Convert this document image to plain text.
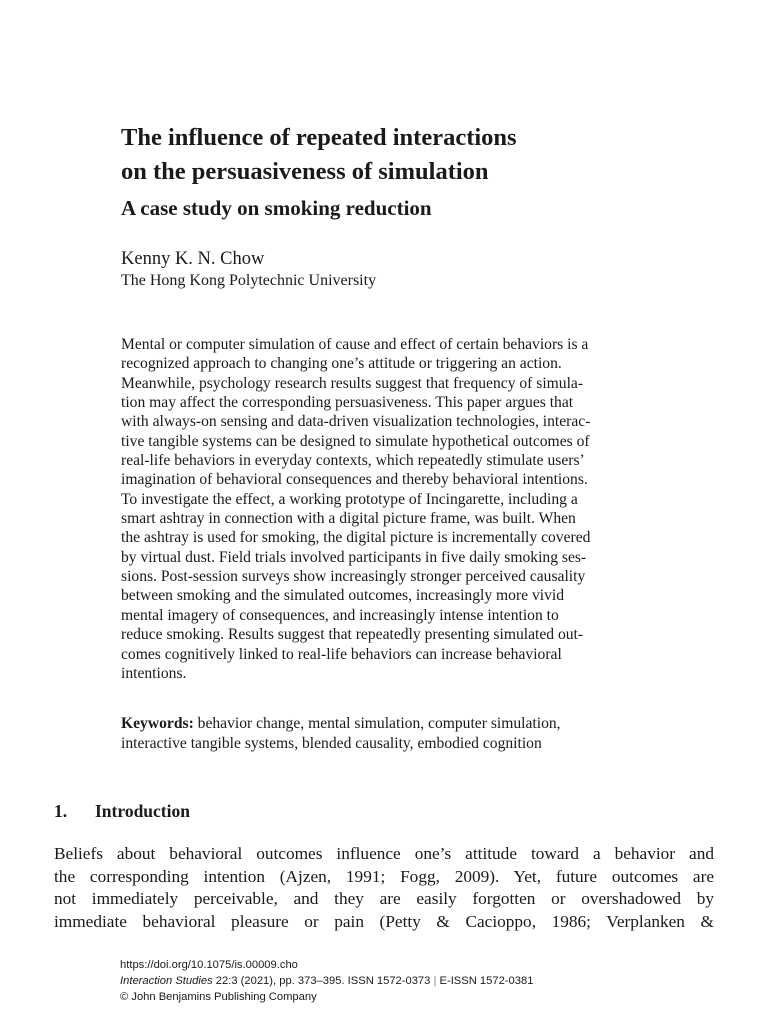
The influence of repeated interactions
on the persuasiveness of simulation
A case study on smoking reduction
Kenny K. N. Chow
The Hong Kong Polytechnic University
Mental or computer simulation of cause and effect of certain behaviors is a
recognized approach to changing one’s attitude or triggering an action.
Meanwhile, psychology research results suggest that frequency of simula-
tion may affect the corresponding persuasiveness. This paper argues that
with always-on sensing and data-driven visualization technologies, interac-
tive tangible systems can be designed to simulate hypothetical outcomes of
real-life behaviors in everyday contexts, which repeatedly stimulate users’
imagination of behavioral consequences and thereby behavioral intentions.
To investigate the effect, a working prototype of Incingarette, including a
smart ashtray in connection with a digital picture frame, was built. When
the ashtray is used for smoking, the digital picture is incrementally covered
by virtual dust. Field trials involved participants in five daily smoking ses-
sions. Post-session surveys show increasingly stronger perceived causality
between smoking and the simulated outcomes, increasingly more vivid
mental imagery of consequences, and increasingly intense intention to
reduce smoking. Results suggest that repeatedly presenting simulated out-
comes cognitively linked to real-life behaviors can increase behavioral
intentions.
Keywords: behavior change, mental simulation, computer simulation,
interactive tangible systems, blended causality, embodied cognition
1. Introduction
Beliefs about behavioral outcomes influence one’s attitude toward a behavior and
the corresponding intention (Ajzen, 1991; Fogg, 2009). Yet, future outcomes are
not immediately perceivable, and they are easily forgotten or overshadowed by
immediate behavioral pleasure or pain (Petty & Cacioppo, 1986; Verplanken &
https://doi.org/10.1075/is.00009.cho
Interaction Studies 22:3 (2021), pp. 373–395. ISSN 1572-0373 | E-ISSN 1572-0381
© John Benjamins Publishing Company
